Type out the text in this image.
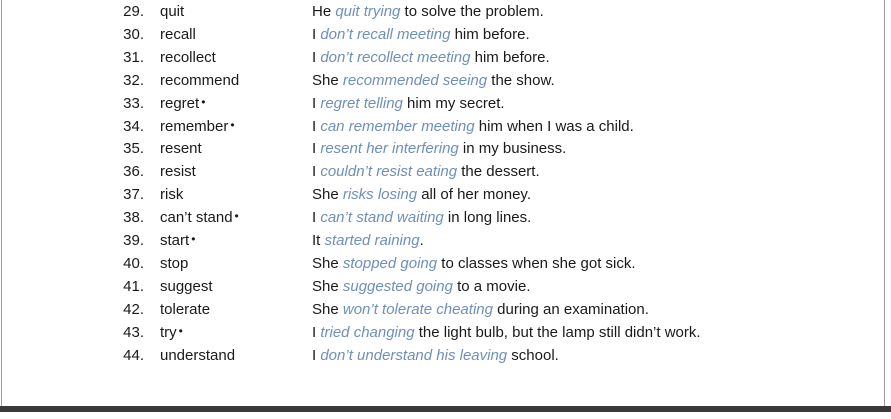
29. quit	He quit trying to solve the problem.
30. recall	I don’t recall meeting him before.
31. recollect	I don’t recollect meeting him before.
32. recommend	She recommended seeing the show.
33. regret •	I regret telling him my secret.
34. remember •	I can remember meeting him when I was a child.
35. resent	I resent her interfering in my business.
36. resist	I couldn’t resist eating the dessert.
37. risk	She risks losing all of her money.
38. can’t stand •	I can’t stand waiting in long lines.
39. start •	It started raining.
40. stop	She stopped going to classes when she got sick.
41. suggest	She suggested going to a movie.
42. tolerate	She won’t tolerate cheating during an examination.
43. try •	I tried changing the light bulb, but the lamp still didn’t work.
44. understand	I don’t understand his leaving school.
